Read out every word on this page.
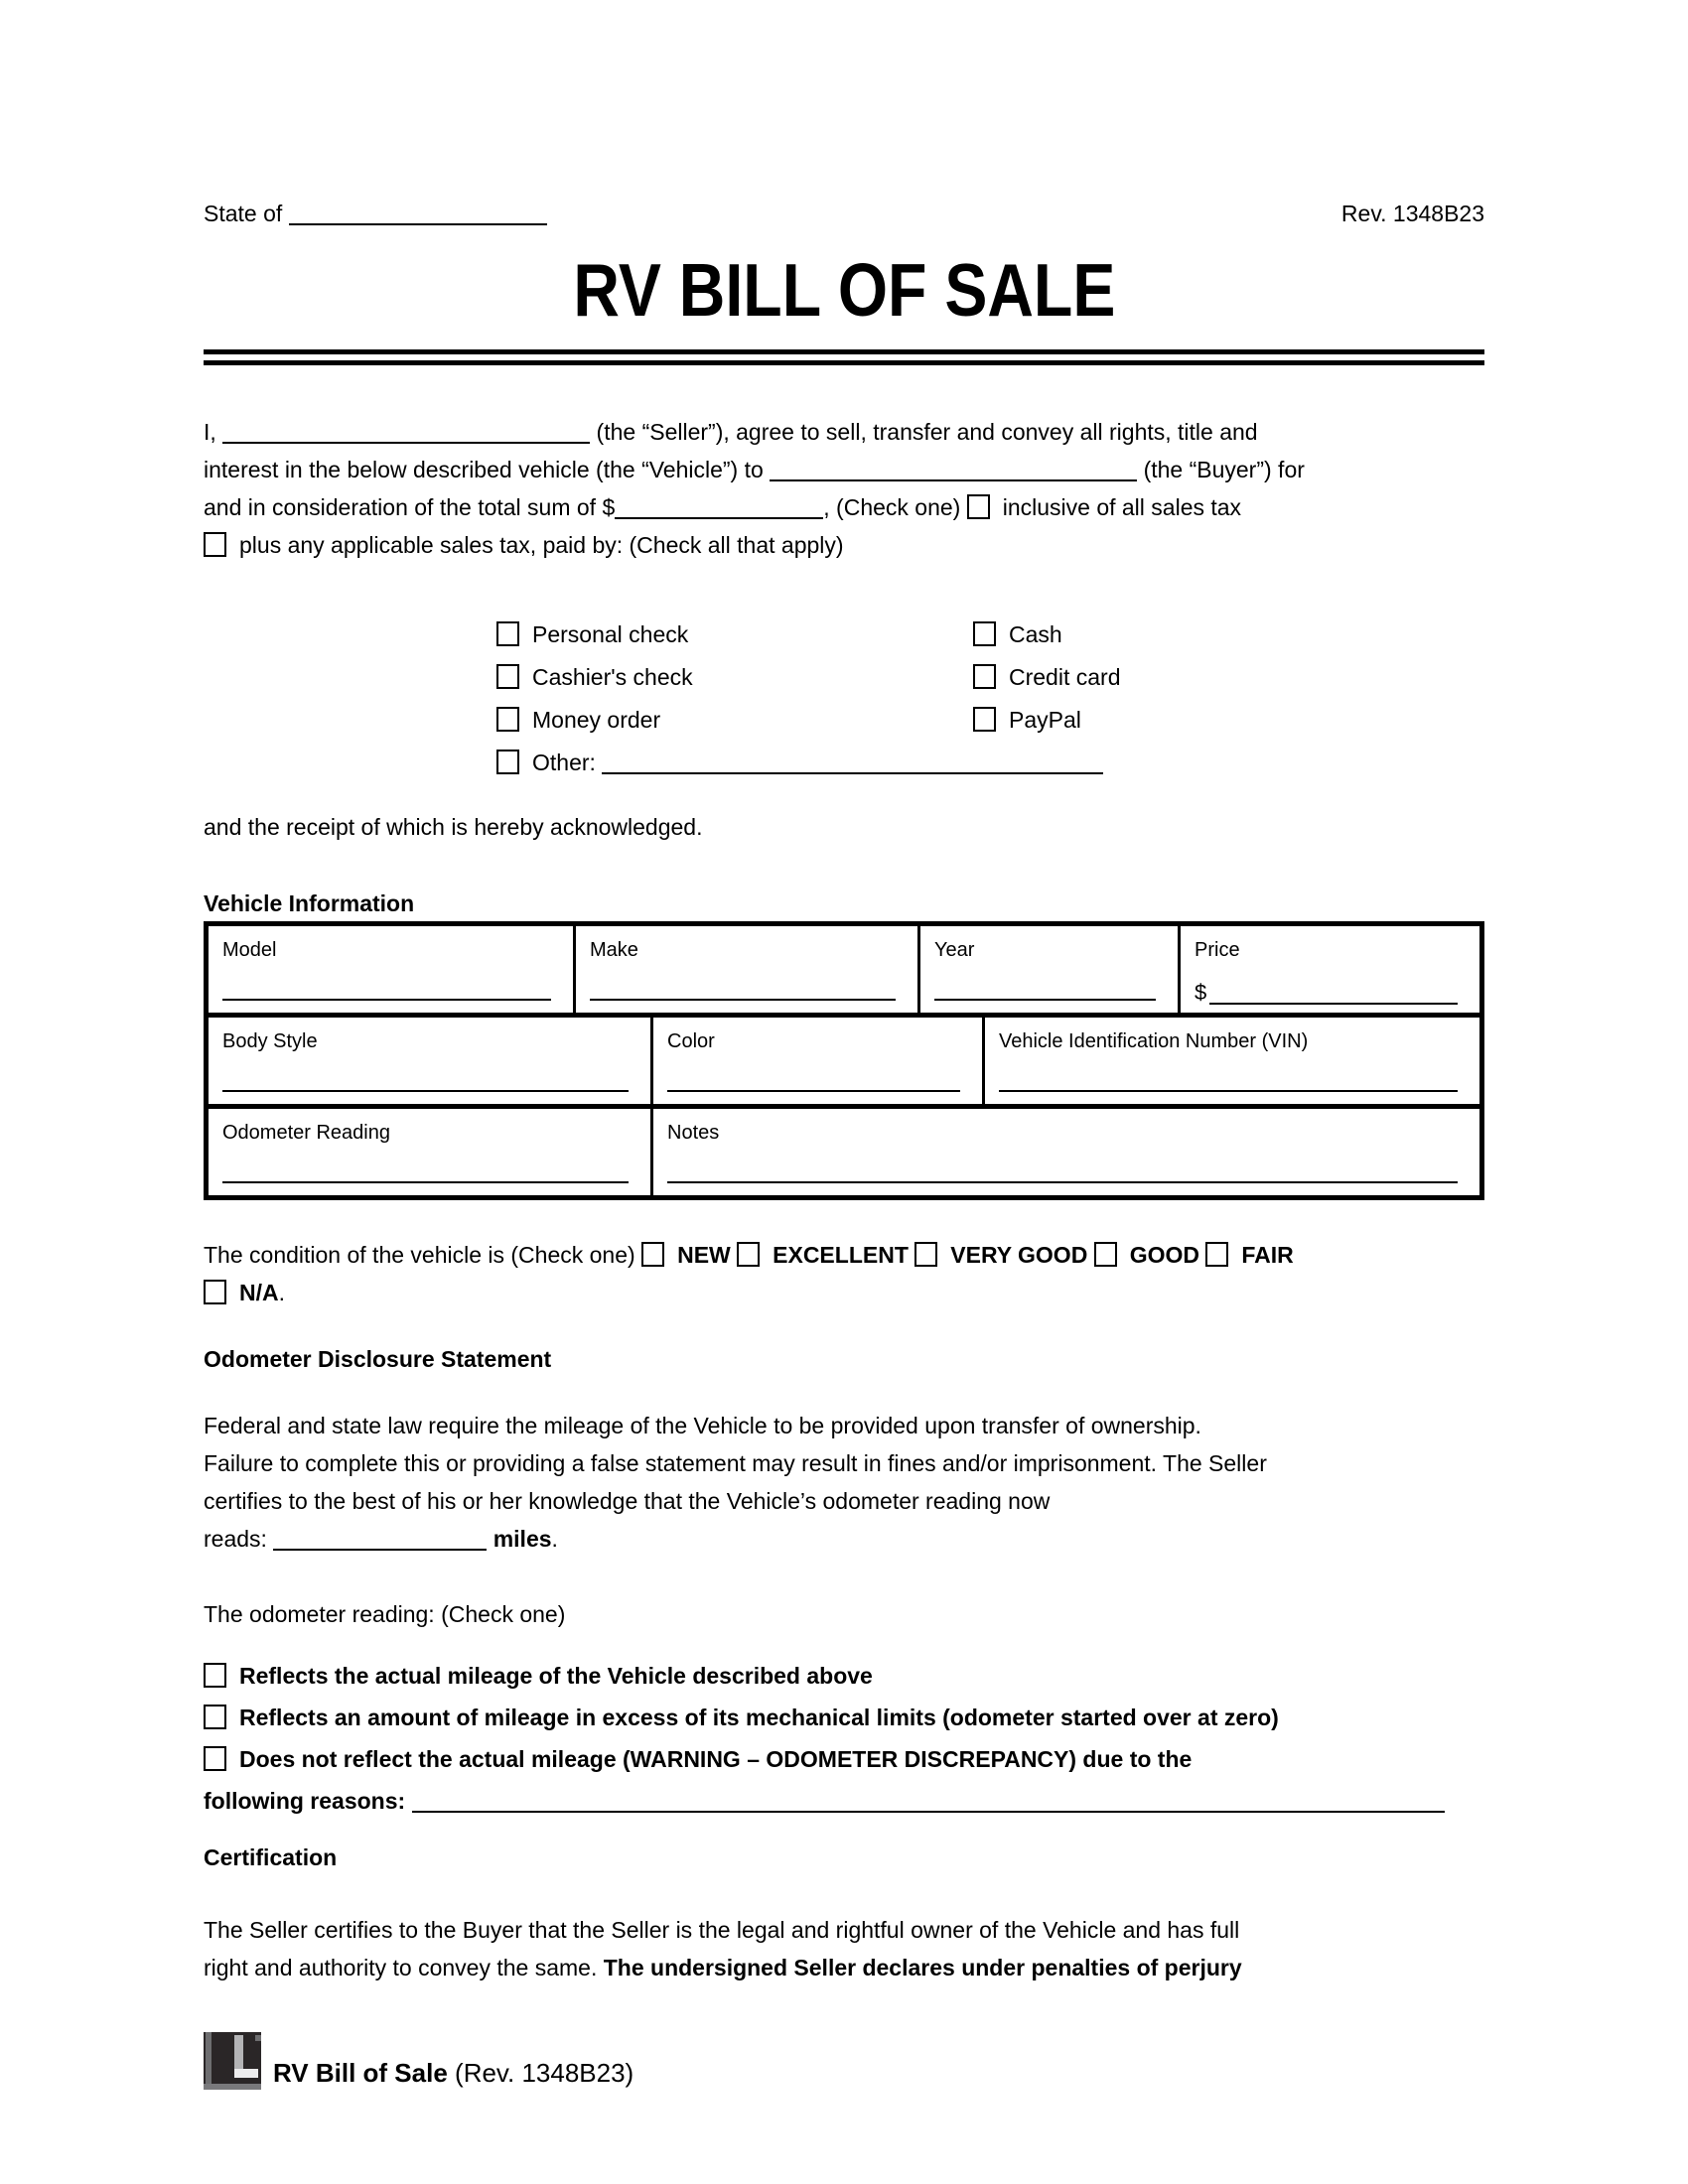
State of	Rev. 1348B23
RV BILL OF SALE
I,	(the “Seller”), agree to sell, transfer and convey all rights, title and
interest in the below described vehicle (the “Vehicle”) to	(the “Buyer”) for
and in consideration of the total sum of $	, (Check one) inclusive of all sales tax
plus any applicable sales tax, paid by: (Check all that apply)
Personal check
Cashier's check
Money order
Other:
Cash
Credit card
PayPal
and the receipt of which is hereby acknowledged.
Vehicle Information
Model	Make	Year	Price
$
Body Style	Color	Vehicle Identification Number (VIN)
Odometer Reading	Notes
The condition of the vehicle is (Check one) NEW EXCELLENT VERY GOOD GOOD FAIR
N/A.
Odometer Disclosure Statement
Federal and state law require the mileage of the Vehicle to be provided upon transfer of ownership.
Failure to complete this or providing a false statement may result in fines and/or imprisonment. The Seller
certifies to the best of his or her knowledge that the Vehicle’s odometer reading now
reads:	miles.
The odometer reading: (Check one)
Reflects the actual mileage of the Vehicle described above
Reflects an amount of mileage in excess of its mechanical limits (odometer started over at zero)
Does not reflect the actual mileage (WARNING – ODOMETER DISCREPANCY) due to the
following reasons:
Certification
The Seller certifies to the Buyer that the Seller is the legal and rightful owner of the Vehicle and has full
right and authority to convey the same. The undersigned Seller declares under penalties of perjury
RV Bill of Sale (Rev. 1348B23)
